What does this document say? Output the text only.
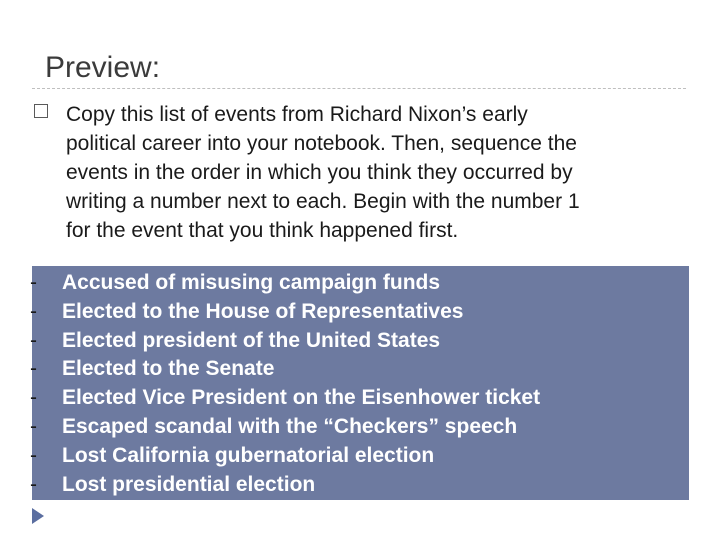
Preview:
Copy this list of events from Richard Nixon’s early
political career into your notebook. Then, sequence the
events in the order in which you think they occurred by
writing a number next to each. Begin with the number 1
for the event that you think happened first.
-
-
-
-
-
-
-
-
Accused of misusing campaign funds
Elected to the House of Representatives
Elected president of the United States
Elected to the Senate
Elected Vice President on the Eisenhower ticket
Escaped scandal with the “Checkers” speech
Lost California gubernatorial election
Lost presidential election
